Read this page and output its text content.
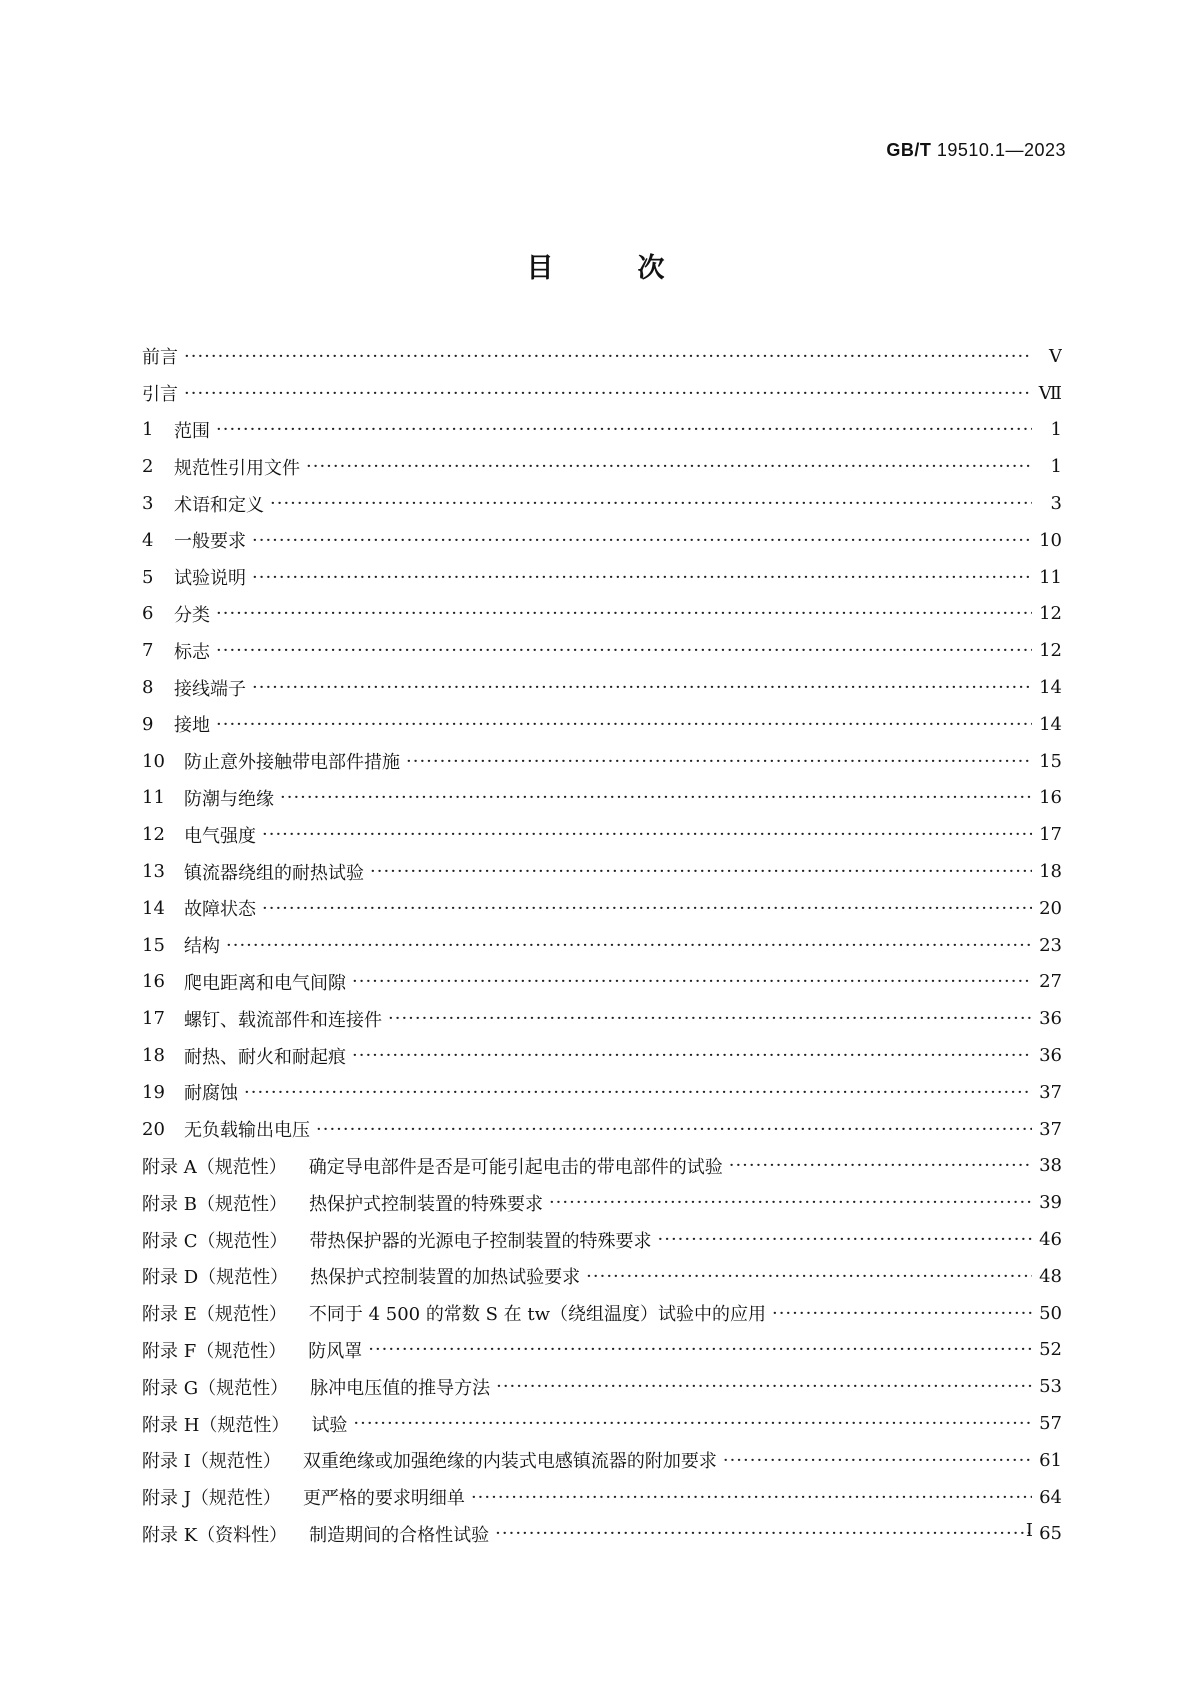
GB/T 19510.1—2023
目	次
前言 ·····	Ⅴ
引言 ·····	Ⅶ
1	范围 ·····	1
2	规范性引用文件 ·····	1
3	术语和定义 ·····	3
4	一般要求 ·····	10
5	试验说明 ·····	11
6	分类 ·····	12
7	标志 ·····	12
8	接线端子 ·····	14
9	接地 ·····	14
10	防止意外接触带电部件措施 ·····	15
11	防潮与绝缘 ·····	16
12	电气强度 ·····	17
13	镇流器绕组的耐热试验 ·····	18
14	故障状态 ·····	20
15	结构 ·····	23
16	爬电距离和电气间隙 ·····	27
17	螺钉、载流部件和连接件 ·····	36
18	耐热、耐火和耐起痕 ·····	36
19	耐腐蚀 ·····	37
20	无负载输出电压 ·····	37
附录 A（规范性）	确定导电部件是否是可能引起电击的带电部件的试验 ·····	38
附录 B（规范性）	热保护式控制装置的特殊要求 ·····	39
附录 C（规范性）	带热保护器的光源电子控制装置的特殊要求 ·····	46
附录 D（规范性）	热保护式控制装置的加热试验要求 ·····	48
附录 E（规范性）	不同于 4 500 的常数 S 在 tw（绕组温度）试验中的应用 ·····	50
附录 F（规范性）	防风罩 ·····	52
附录 G（规范性）	脉冲电压值的推导方法 ·····	53
附录 H（规范性）	试验 ·····	57
附录 I（规范性）	双重绝缘或加强绝缘的内装式电感镇流器的附加要求 ·····	61
附录 J（规范性）	更严格的要求明细单 ·····	64
附录 K（资料性）	制造期间的合格性试验 ·····	65
Ⅰ
